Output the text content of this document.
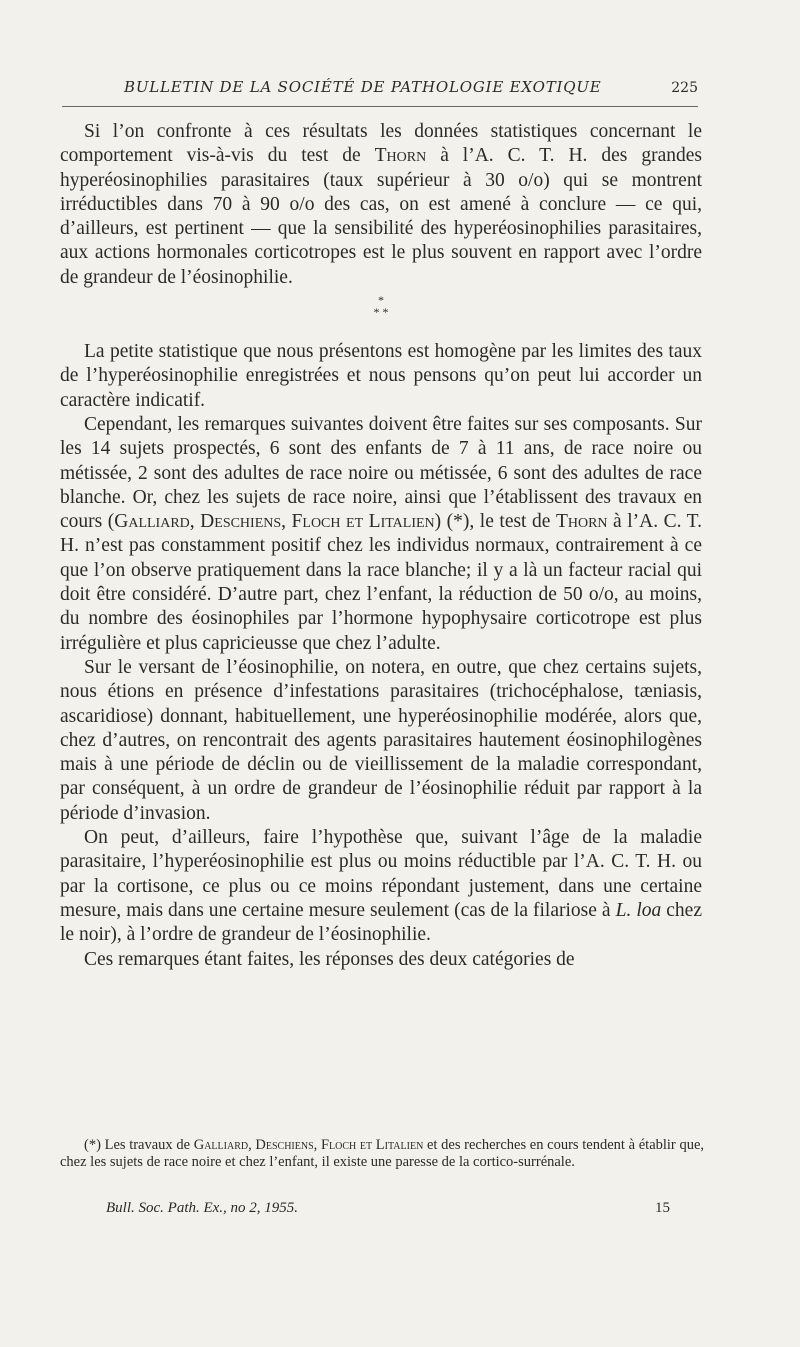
BULLETIN DE LA SOCIÉTÉ DE PATHOLOGIE EXOTIQUE	225

Si l’on confronte à ces résultats les données statistiques concernant le comportement vis-à-vis du test de Thorn à l’A. C. T. H. des grandes hyperéosinophilies parasitaires (taux supérieur à 30 o/o) qui se montrent irréductibles dans 70 à 90 o/o des cas, on est amené à conclure — ce qui, d’ailleurs, est pertinent — que la sensibilité des hyperéosinophilies parasitaires, aux actions hormonales corticotropes est le plus souvent en rapport avec l’ordre de grandeur de l’éosinophilie.

*
* *

La petite statistique que nous présentons est homogène par les limites des taux de l’hyperéosinophilie enregistrées et nous pensons qu’on peut lui accorder un caractère indicatif.

Cependant, les remarques suivantes doivent être faites sur ses composants. Sur les 14 sujets prospectés, 6 sont des enfants de 7 à 11 ans, de race noire ou métissée, 2 sont des adultes de race noire ou métissée, 6 sont des adultes de race blanche. Or, chez les sujets de race noire, ainsi que l’établissent des travaux en cours (Galliard, Deschiens, Floch et Litalien) (*), le test de Thorn à l’A. C. T. H. n’est pas constamment positif chez les individus normaux, contrairement à ce que l’on observe pratiquement dans la race blanche; il y a là un facteur racial qui doit être considéré. D’autre part, chez l’enfant, la réduction de 50 o/o, au moins, du nombre des éosinophiles par l’hormone hypophysaire corticotrope est plus irrégulière et plus capricieusse que chez l’adulte.

Sur le versant de l’éosinophilie, on notera, en outre, que chez certains sujets, nous étions en présence d’infestations parasitaires (trichocéphalose, tæniasis, ascaridiose) donnant, habituellement, une hyperéosinophilie modérée, alors que, chez d’autres, on rencontrait des agents parasitaires hautement éosinophilogènes mais à une période de déclin ou de vieillissement de la maladie correspondant, par conséquent, à un ordre de grandeur de l’éosinophilie réduit par rapport à la période d’invasion.

On peut, d’ailleurs, faire l’hypothèse que, suivant l’âge de la maladie parasitaire, l’hyperéosinophilie est plus ou moins réductible par l’A. C. T. H. ou par la cortisone, ce plus ou ce moins répondant justement, dans une certaine mesure, mais dans une certaine mesure seulement (cas de la filariose à L. loa chez le noir), à l’ordre de grandeur de l’éosinophilie.

Ces remarques étant faites, les réponses des deux catégories de

(*) Les travaux de Galliard, Deschiens, Floch et Litalien et des recherches en cours tendent à établir que, chez les sujets de race noire et chez l’enfant, il existe une paresse de la cortico-surrénale.

Bull. Soc. Path. Ex., no 2, 1955.	15
